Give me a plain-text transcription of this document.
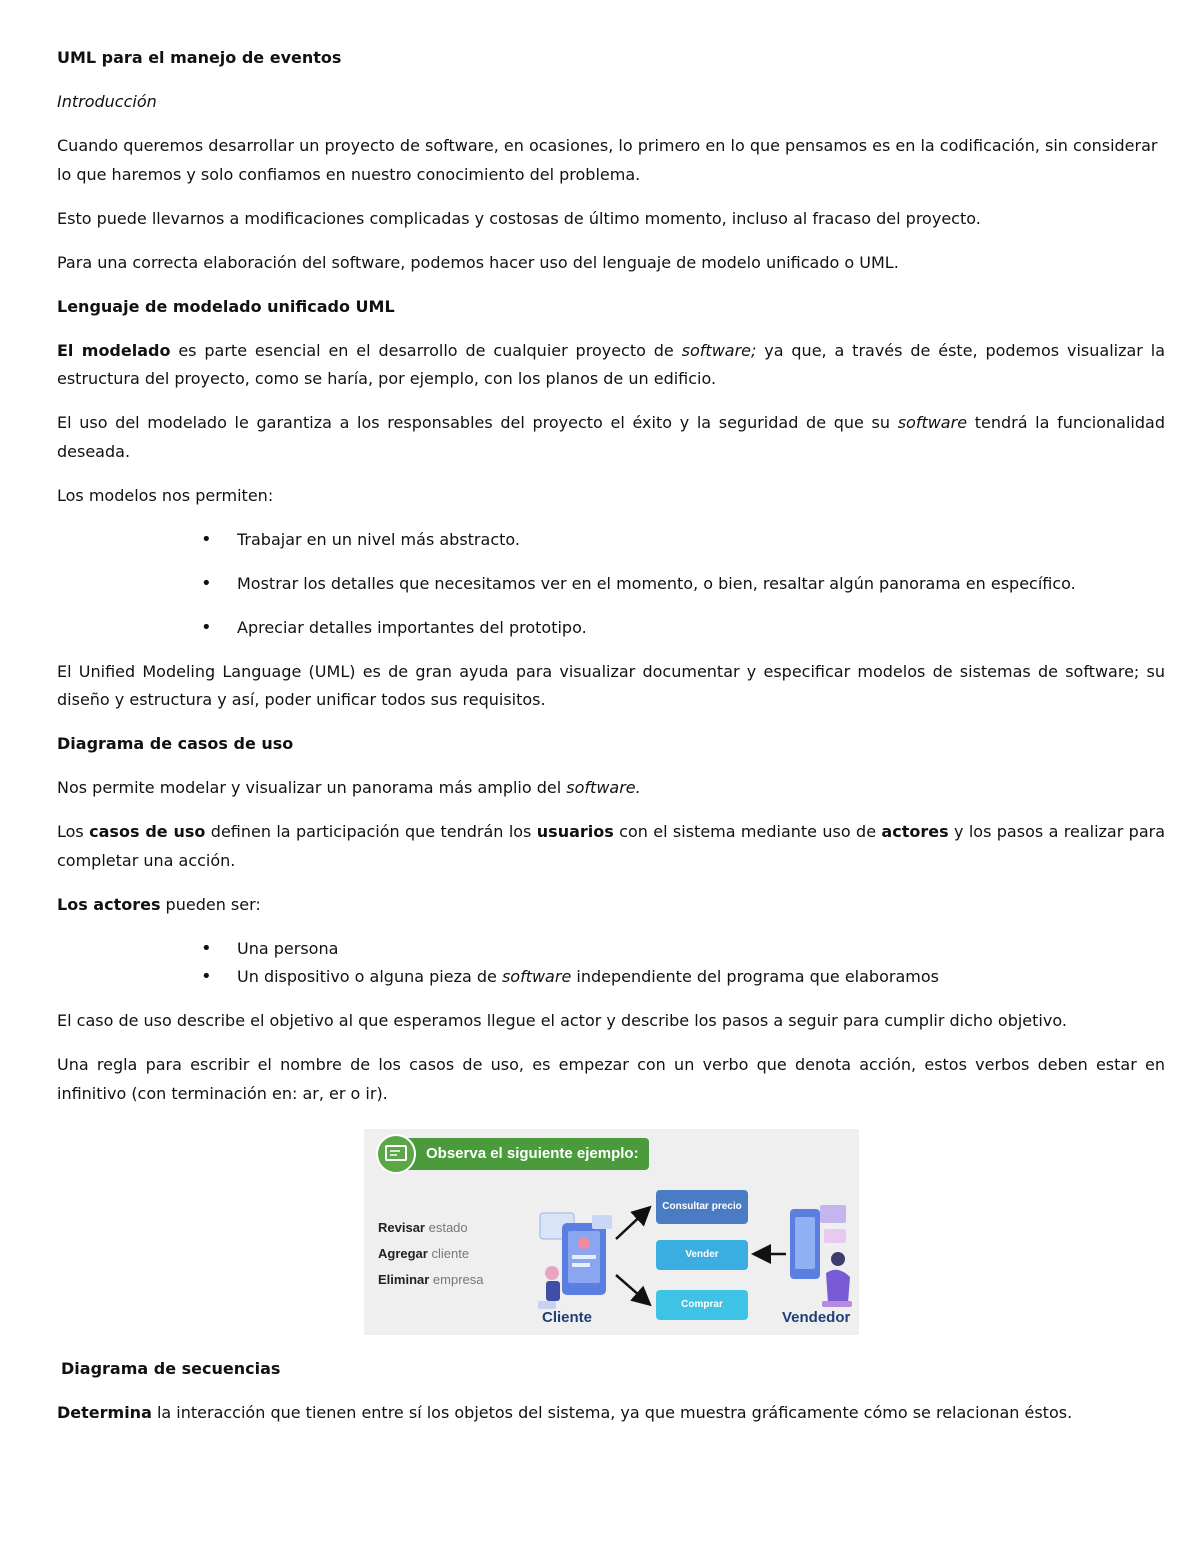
UML para el manejo de eventos

Introducción

Cuando queremos desarrollar un proyecto de software, en ocasiones, lo primero en lo que pensamos es en la codificación, sin considerar lo que haremos y solo confiamos en nuestro conocimiento del problema.

Esto puede llevarnos a modificaciones complicadas y costosas de último momento, incluso al fracaso del proyecto.

Para una correcta elaboración del software, podemos hacer uso del lenguaje de modelo unificado o UML.

Lenguaje de modelado unificado UML

El modelado es parte esencial en el desarrollo de cualquier proyecto de software; ya que, a través de éste, podemos visualizar la estructura del proyecto, como se haría, por ejemplo, con los planos de un edificio.

El uso del modelado le garantiza a los responsables del proyecto el éxito y la seguridad de que su software tendrá la funcionalidad deseada.

Los modelos nos permiten:

• Trabajar en un nivel más abstracto.
• Mostrar los detalles que necesitamos ver en el momento, o bien, resaltar algún panorama en específico.
• Apreciar detalles importantes del prototipo.

El Unified Modeling Language (UML) es de gran ayuda para visualizar documentar y especificar modelos de sistemas de software; su diseño y estructura y así, poder unificar todos sus requisitos.

Diagrama de casos de uso

Nos permite modelar y visualizar un panorama más amplio del software.

Los casos de uso definen la participación que tendrán los usuarios con el sistema mediante uso de actores y los pasos a realizar para completar una acción.

Los actores pueden ser:

• Una persona
• Un dispositivo o alguna pieza de software independiente del programa que elaboramos

El caso de uso describe el objetivo al que esperamos llegue el actor y describe los pasos a seguir para cumplir dicho objetivo.

Una regla para escribir el nombre de los casos de uso, es empezar con un verbo que denota acción, estos verbos deben estar en infinitivo (con terminación en: ar, er o ir).

Observa el siguiente ejemplo:
Revisar estado
Agregar cliente
Eliminar empresa
Cliente
Consultar precio
Vender
Comprar
Vendedor

Diagrama de secuencias

Determina la interacción que tienen entre sí los objetos del sistema, ya que muestra gráficamente cómo se relacionan éstos.
